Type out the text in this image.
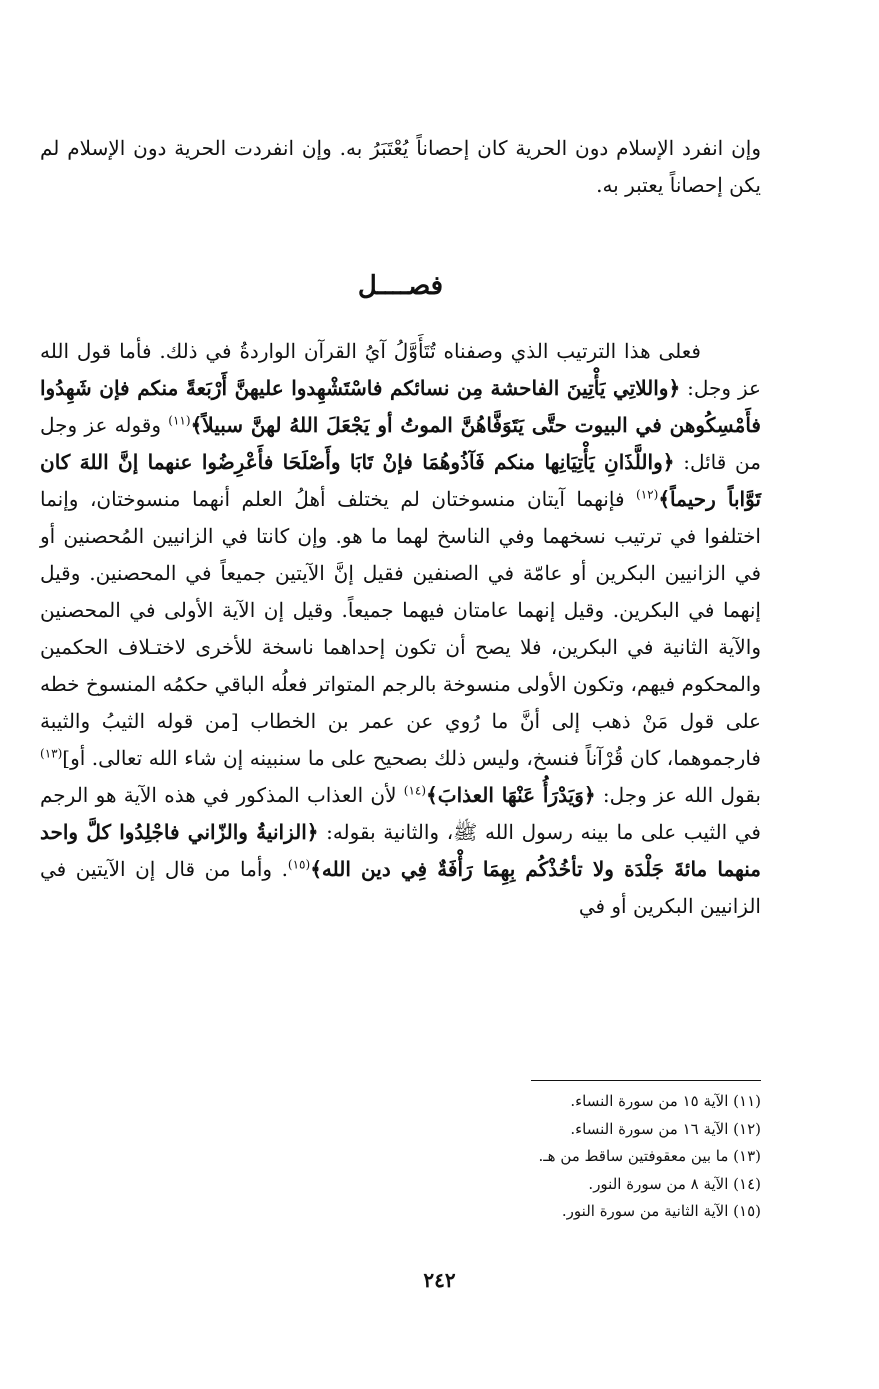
وإن انفرد الإسلام دون الحرية كان إحصاناً يُعْتَبَرُ به. وإن انفردت الحرية دون الإسلام لم يكن إحصاناً يعتبر به.

فصــــل

فعلى هذا الترتيب الذي وصفناه تُتَأَوَّلُ آيُ القرآن الواردةُ في ذلك. فأما قول الله عز وجل: ﴿واللاتِي يَأْتِينَ الفاحشة مِن نسائكم فاسْتَشْهِدوا عليهنَّ أَرْبَعةً منكم فإن شَهِدُوا فأَمْسِكُوهن في البيوت حتَّى يَتَوَفَّاهُنَّ الموتُ أو يَجْعَلَ اللهُ لهنَّ سبيلاً﴾$^{(١١)}$ وقوله عز وجل من قائل: ﴿واللَّذَانِ يَأْتِيَانِها منكم فَآذُوهُمَا فإنْ تَابَا وأَصْلَحَا فأَعْرِضُوا عنهما إنَّ اللهَ كان تَوَّاباً رحيماً﴾$^{(١٢)}$ فإنهما آيتان منسوختان لم يختلف أهلُ العلم أنهما منسوختان، وإنما اختلفوا في ترتيب نسخهما وفي الناسخ لهما ما هو. وإن كانتا في الزانيين المُحصنين أو في الزانيين البكرين أو عامّة في الصنفين فقيل إنَّ الآيتين جميعاً في المحصنين. وقيل إنهما في البكرين. وقيل إنهما عامتان فيهما جميعاً. وقيل إن الآية الأولى في المحصنين والآية الثانية في البكرين، فلا يصح أن تكون إحداهما ناسخة للأخرى لاختـلاف الحكمين والمحكوم فيهم، وتكون الأولى منسوخة بالرجم المتواتر فعلُه الباقي حكمُه المنسوخ خطه على قول مَنْ ذهب إلى أنَّ ما رُوي عن عمر بن الخطاب [من قوله الثيبُ والثيبة فارجموهما، كان قُرْآناً فنسخ، وليس ذلك بصحيح على ما سنبينه إن شاء الله تعالى. أو]$^{(١٣)}$ بقول الله عز وجل: ﴿وَيَدْرَأُ عَنْهَا العذابَ﴾$^{(١٤)}$ لأن العذاب المذكور في هذه الآية هو الرجم في الثيب على ما بينه رسول الله ﷺ، والثانية بقوله: ﴿الزانيةُ والزّاني فاجْلِدُوا كلَّ واحد منهما مائةَ جَلْدَة ولا تأخُذْكُم بِهِمَا رَأْفَةٌ فِي دين الله﴾$^{(١٥)}$. وأما من قال إن الآيتين في الزانيين البكرين أو في

(١١) الآية ١٥ من سورة النساء.
(١٢) الآية ١٦ من سورة النساء.
(١٣) ما بين معقوفتين ساقط من هـ.
(١٤) الآية ٨ من سورة النور.
(١٥) الآية الثانية من سورة النور.
٢٤٢
